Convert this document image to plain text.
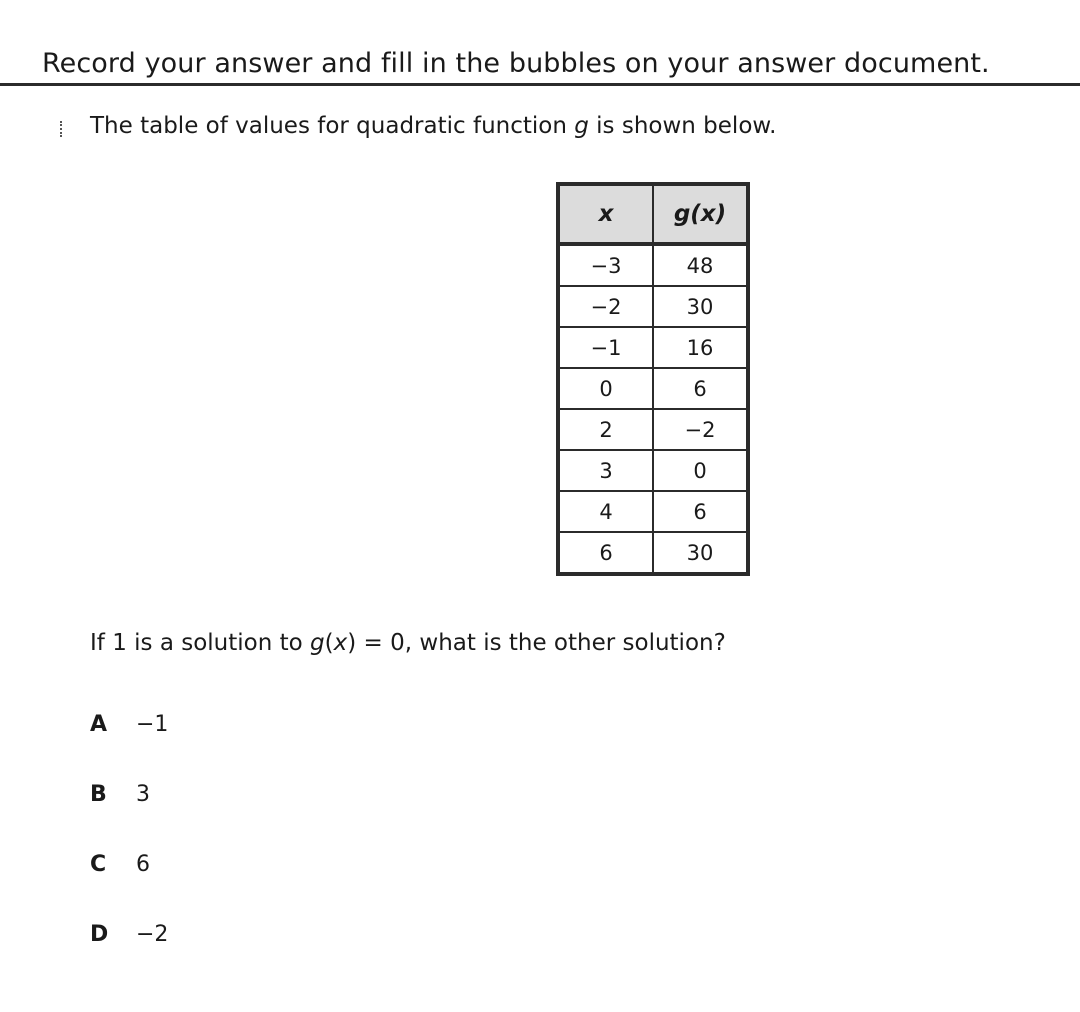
Record your answer and fill in the bubbles on your answer document.
The table of values for quadratic function g is shown below.
x	g(x)
−3	48
−2	30
−1	16
0	6
2	−2
3	0
4	6
6	30
If 1 is a solution to g(x) = 0, what is the other solution?
A −1
B 3
C 6
D −2
